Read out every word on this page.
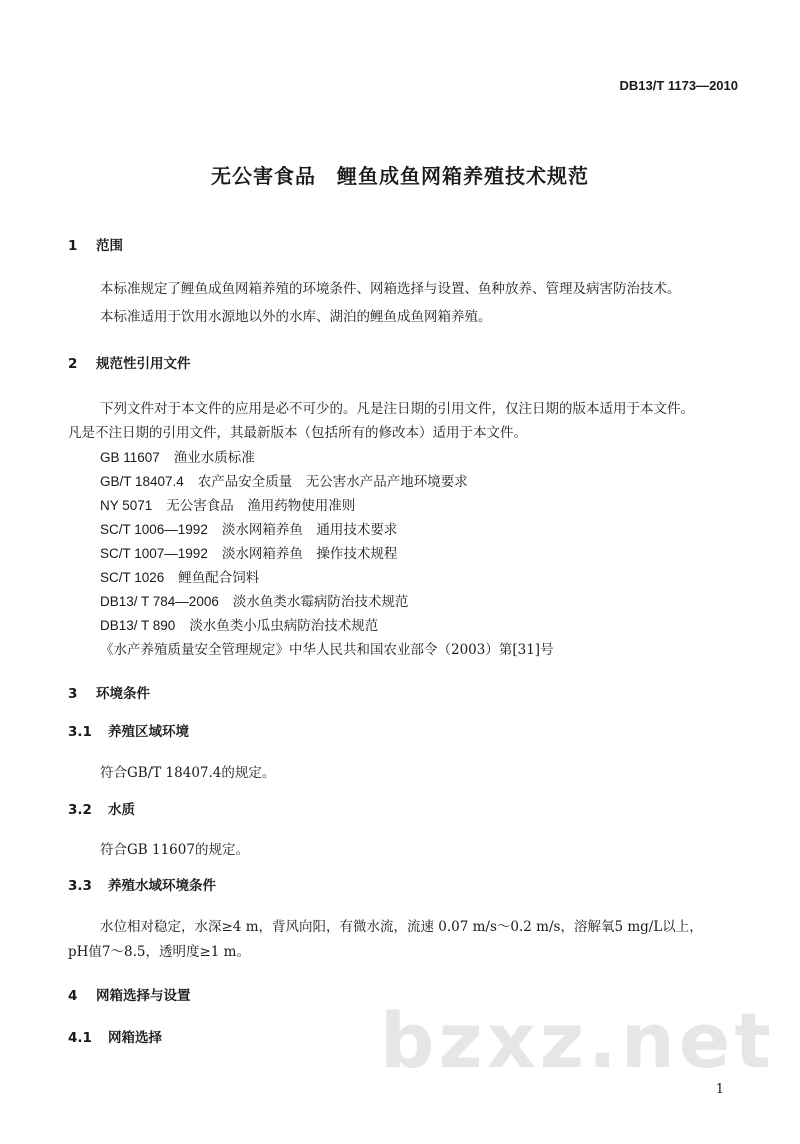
DB13/T 1173—2010
无公害食品　鲤鱼成鱼网箱养殖技术规范
1 范围
本标准规定了鲤鱼成鱼网箱养殖的环境条件、网箱选择与设置、鱼种放养、管理及病害防治技术。
本标准适用于饮用水源地以外的水库、湖泊的鲤鱼成鱼网箱养殖。
2 规范性引用文件
下列文件对于本文件的应用是必不可少的。凡是注日期的引用文件，仅注日期的版本适用于本文件。
凡是不注日期的引用文件，其最新版本（包括所有的修改本）适用于本文件。
GB 11607 渔业水质标准
GB/T 18407.4 农产品安全质量　无公害水产品产地环境要求
NY 5071 无公害食品　渔用药物使用准则
SC/T 1006—1992 淡水网箱养鱼　通用技术要求
SC/T 1007—1992 淡水网箱养鱼　操作技术规程
SC/T 1026 鲤鱼配合饲料
DB13/ T 784—2006 淡水鱼类水霉病防治技术规范
DB13/ T 890 淡水鱼类小瓜虫病防治技术规范
《水产养殖质量安全管理规定》中华人民共和国农业部令（2003）第[31]号
3 环境条件
3.1 养殖区域环境
符合GB/T 18407.4的规定。
3.2 水质
符合GB 11607的规定。
3.3 养殖水域环境条件
水位相对稳定，水深≥4 m，背风向阳，有微水流，流速 0.07 m/s～0.2 m/s，溶解氧5 mg/L以上，
pH值7～8.5，透明度≥1 m。
4 网箱选择与设置
4.1 网箱选择	bzxz.net
1
